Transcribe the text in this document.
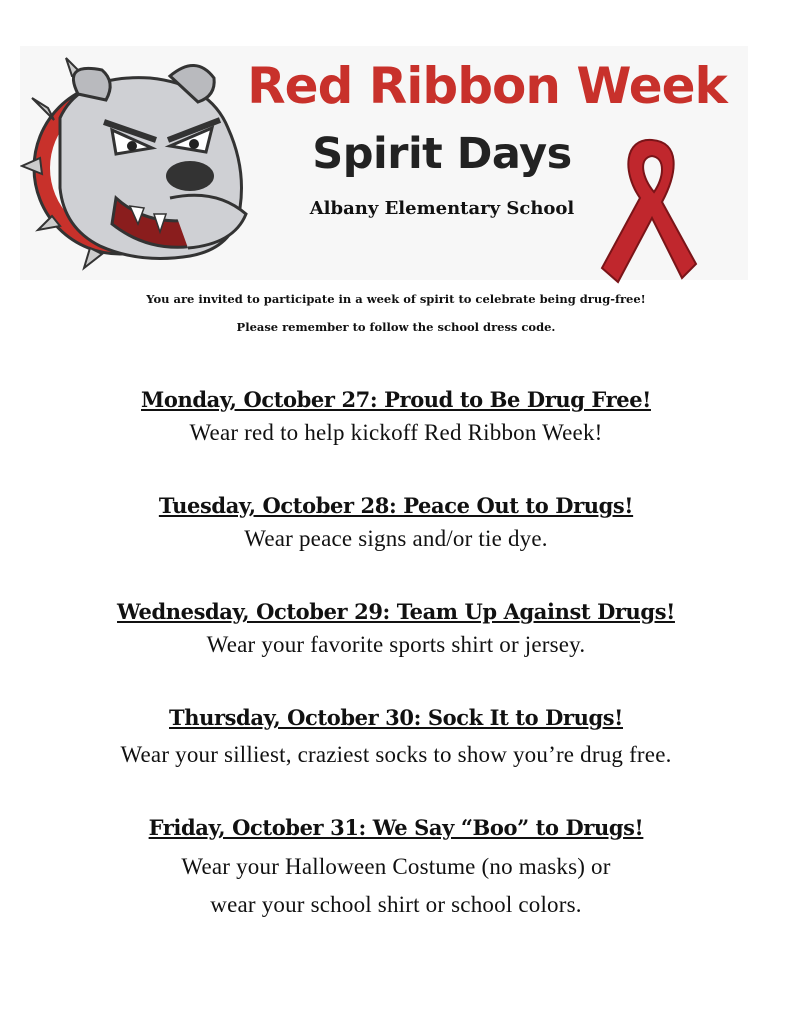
Red Ribbon Week
Spirit Days
Albany Elementary School
You are invited to participate in a week of spirit to celebrate being drug-free!
Please remember to follow the school dress code.
Monday, October 27: Proud to Be Drug Free!
Wear red to help kickoff Red Ribbon Week!
Tuesday, October 28: Peace Out to Drugs!
Wear peace signs and/or tie dye.
Wednesday, October 29: Team Up Against Drugs!
Wear your favorite sports shirt or jersey.
Thursday, October 30: Sock It to Drugs!
Wear your silliest, craziest socks to show you’re drug free.
Friday, October 31: We Say “Boo” to Drugs!
Wear your Halloween Costume (no masks) or
wear your school shirt or school colors.
